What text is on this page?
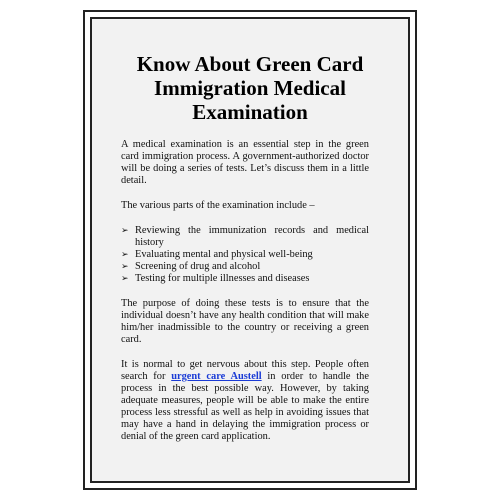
Know About Green Card
Immigration Medical
Examination

A medical examination is an essential step in the green card immigration process. A government-authorized doctor will be doing a series of tests. Let’s discuss them in a little detail.

The various parts of the examination include –

➢ Reviewing the immunization records and medical history
➢ Evaluating mental and physical well-being
➢ Screening of drug and alcohol
➢ Testing for multiple illnesses and diseases

The purpose of doing these tests is to ensure that the individual doesn’t have any health condition that will make him/her inadmissible to the country or receiving a green card.

It is normal to get nervous about this step. People often search for urgent care Austell in order to handle the process in the best possible way. However, by taking adequate measures, people will be able to make the entire process less stressful as well as help in avoiding issues that may have a hand in delaying the immigration process or denial of the green card application.
